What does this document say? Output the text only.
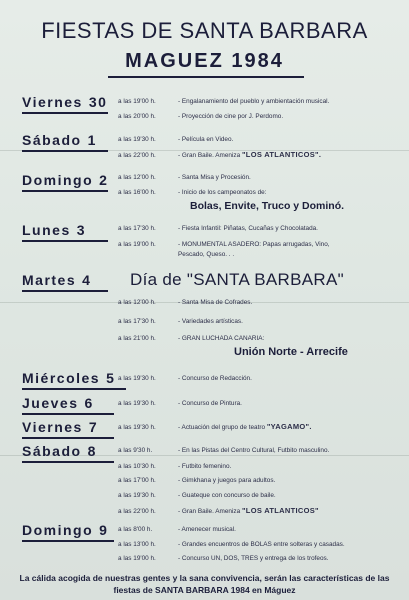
FIESTAS DE SANTA BARBARA
MAGUEZ 1984
Viernes 30 a las 19'00 h.	- Engalanamiento del pueblo y ambientación musical.
a las 20'00 h.	- Proyección de cine por J. Perdomo.
Sábado 1	a las 19'30 h.	- Película en Video.
a las 22'00 h.	- Gran Baile. Ameniza "LOS ATLANTICOS".
Domingo 2 a las 12'00 h.	- Santa Misa y Procesión.
a las 16'00 h.	- Inicio de los campeonatos de:
Bolas, Envite, Truco y Dominó.
Lunes 3	a las 17'30 h.	- Fiesta Infantil: Piñatas, Cucañas y Chocolatada.
a las 19'00 h.	- MONUMENTAL ASADERO: Papas arrugadas, Vino,
Pescado, Queso. . .
Martes 4 Día de "SANTA BARBARA"
a las 12'00 h.	- Santa Misa de Cofrades.
a las 17'30 h.	- Variedades artísticas.
a las 21'00 h.	- GRAN LUCHADA CANARIA:
Unión Norte - Arrecife
Miércoles 5 a las 19'30 h.	- Concurso de Redacción.
Jueves 6	a las 19'30 h.	- Concurso de Pintura.
Viernes 7	a las 19'30 h.	- Actuación del grupo de teatro "YAGAMO".
Sábado 8	a las 9'30 h.	- En las Pistas del Centro Cultural, Futbito masculino.
a las 10'30 h.	- Futbito femenino.
a las 17'00 h.	- Gimkhana y juegos para adultos.
a las 19'30 h.	- Guateque con concurso de baile.
a las 22'00 h.	- Gran Baile. Ameniza "LOS ATLANTICOS"
Domingo 9 a las 8'00 h.	- Amenecer musical.
a las 13'00 h.	- Grandes encuentros de BOLAS entre solteras y casadas.
a las 19'00 h.	- Concurso UN, DOS, TRES y entrega de los trofeos.
La cálida acogida de nuestras gentes y la sana convivencia, serán las características de las fiestas de SANTA BARBARA 1984 en Máguez
